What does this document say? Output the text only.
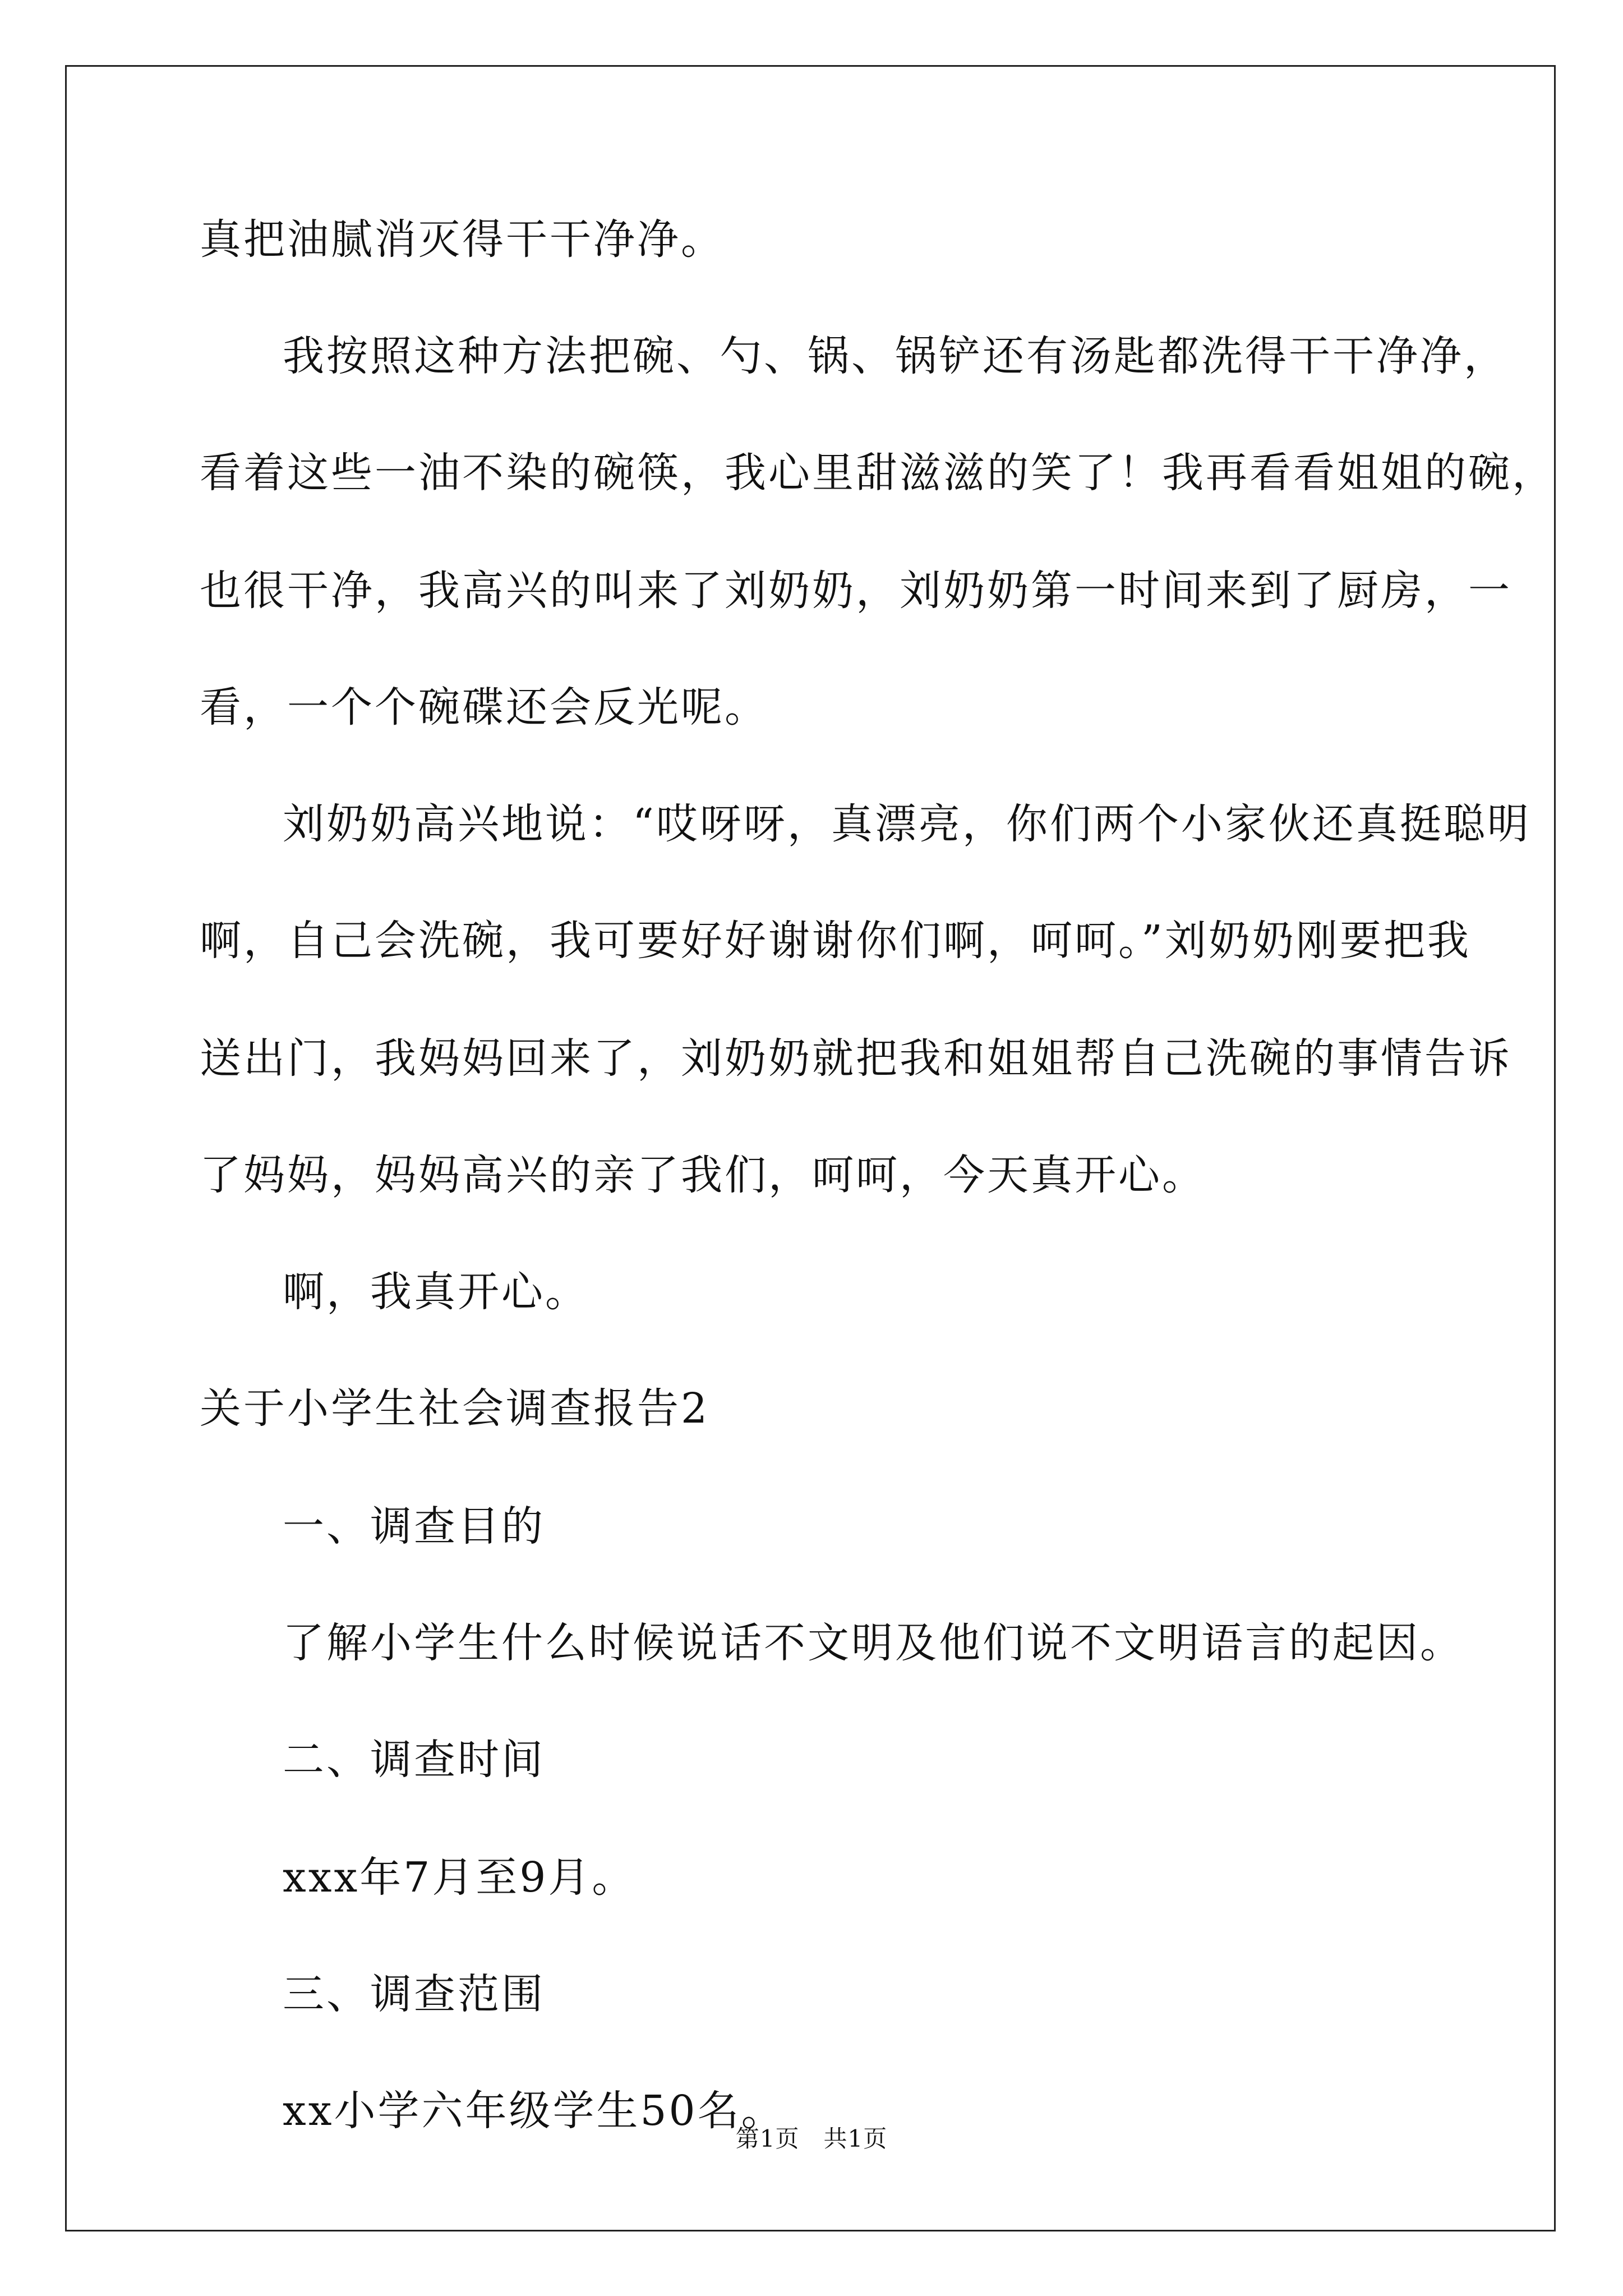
真把油腻消灭得干干净净。
我按照这种方法把碗、勺、锅、锅铲还有汤匙都洗得干干净净，
看着这些一油不染的碗筷，我心里甜滋滋的笑了！我再看看姐姐的碗，
也很干净，我高兴的叫来了刘奶奶，刘奶奶第一时间来到了厨房，一
看，一个个碗碟还会反光呢。
刘奶奶高兴地说：“哎呀呀，真漂亮，你们两个小家伙还真挺聪明
啊，自己会洗碗，我可要好好谢谢你们啊，呵呵。”刘奶奶刚要把我
送出门，我妈妈回来了，刘奶奶就把我和姐姐帮自己洗碗的事情告诉
了妈妈，妈妈高兴的亲了我们，呵呵，今天真开心。
啊，我真开心。
关于小学生社会调查报告2
一、调查目的
了解小学生什么时候说话不文明及他们说不文明语言的起因。
二、调查时间
xxx年7月至9月。
三、调查范围
xx小学六年级学生50名。
第1页　共1页
